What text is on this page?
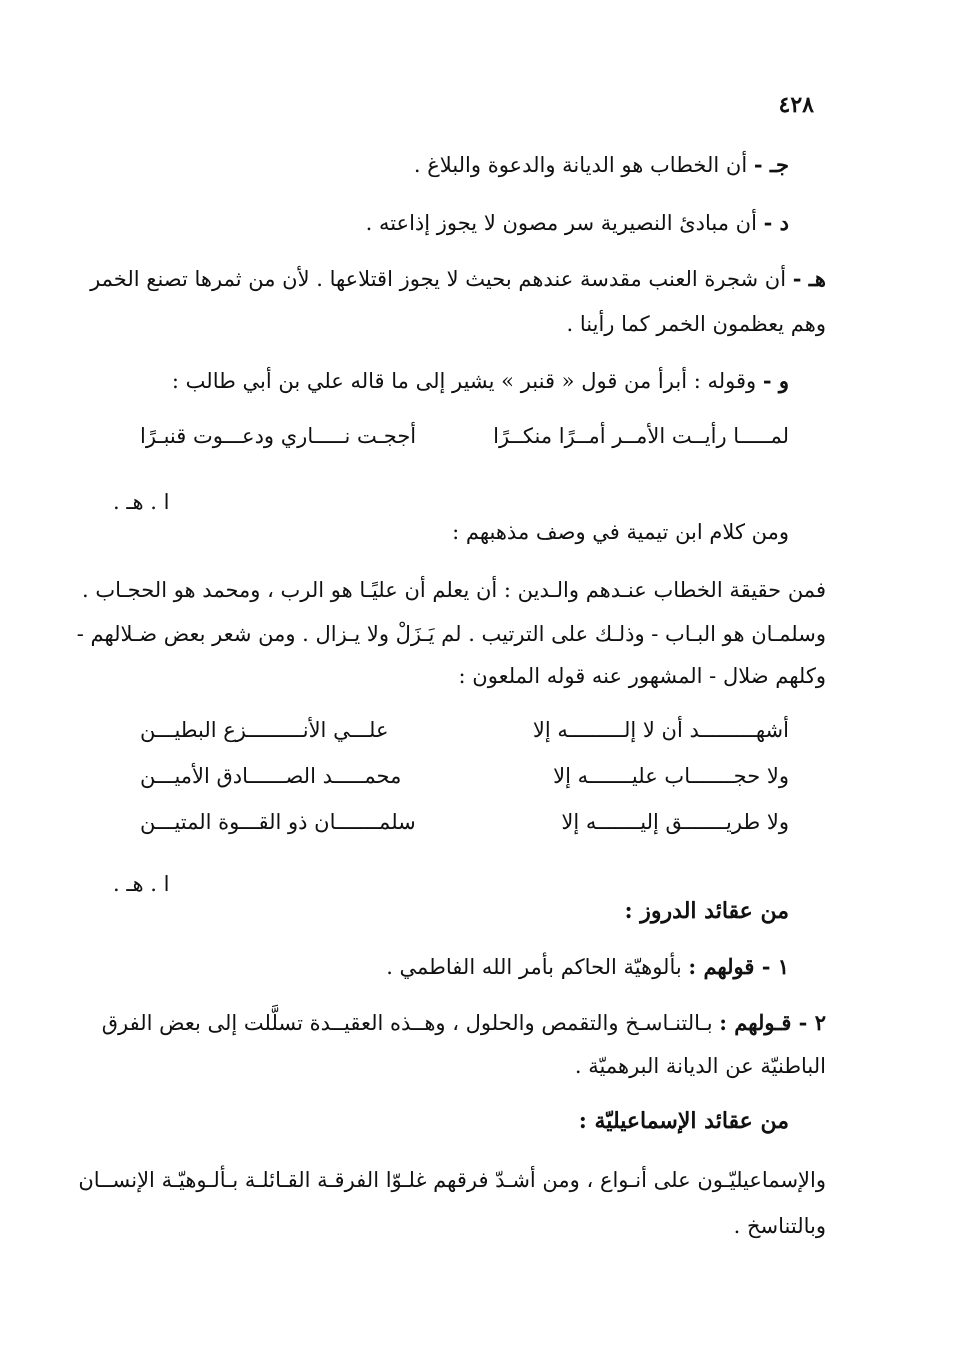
٤٢٨
جـ - أن الخطاب هو الديانة والدعوة والبلاغ .
د - أن مبادئ النصيرية سر مصون لا يجوز إذاعته .
هـ - أن شجرة العنب مقدسة عندهم بحيث لا يجوز اقتلاعها . لأن من ثمرها تصنع الخمر
وهم يعظمون الخمر كما رأينا .
و - وقوله : أبرأ من قول « قنبر » يشير إلى ما قاله علي بن أبي طالب :
لمـــــا رأيــت الأمــر أمــرًا منكــرًا
أججـت نـــــاري ودعـــوت قنبـرًا
ا . هـ .
ومن كلام ابن تيمية في وصف مذهبهم :
فمن حقيقة الخطاب عنـدهم والـدين : أن يعلم أن عليًـا هو الرب ، ومحمد هو الحجـاب .
وسلمـان هو البـاب - وذلـك على الترتيب . لم يَـزَلْ ولا يـزال . ومن شعر بعض ضـلالهم -
وكلهم ضلال - المشهور عنه قوله الملعون :
أشهـــــــــد أن لا إلـــــــــه إلا
علـــي الأنـــــــــزع البطيـــن
ولا حجـــــــاب عليـــــــه إلا
محمـــــد الصــــــادق الأميـــن
ولا طريـــــــق إليـــــــه إلا
سلمـــــــان ذو القـــوة المتيـــن
ا . هـ .
من عقائد الدروز :
١ - قولهم : بألوهيّة الحاكم بأمر الله الفاطمي .
٢ - قـولهم : بـالتنـاسـخ والتقمص والحلول ، وهــذه العقيــدة تسلَّلت إلى بعض الفرق
الباطنيّة عن الديانة البرهميّة .
من عقائد الإسماعيليّة :
والإسماعيليّـون على أنـواع ، ومن أشـدّ فرقهم غلـوّا الفرقـة القـائلـة بـألـوهيّـة الإنســان
وبالتناسخ .
